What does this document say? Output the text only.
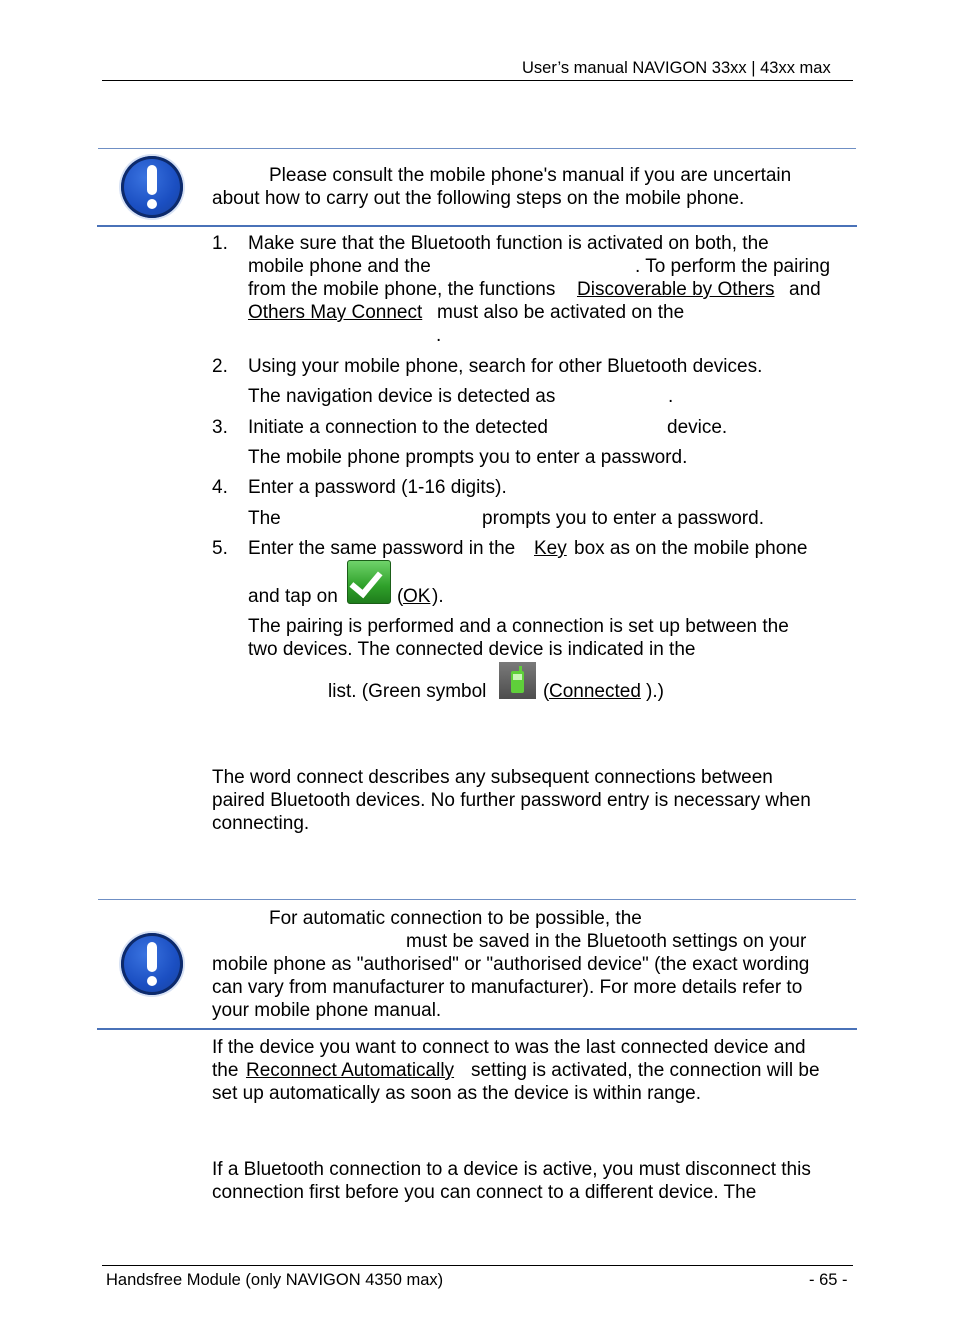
User’s manual NAVIGON 33xx | 43xx max
Please consult the mobile phone's manual if you are uncertain
about how to carry out the following steps on the mobile phone.
1. Make sure that the Bluetooth function is activated on both, the
mobile phone and the	. To perform the pairing
from the mobile phone, the functions Discoverable by Others and
Others May Connect must also be activated on the
.
2. Using your mobile phone, search for other Bluetooth devices.
The navigation device is detected as	.
3. Initiate a connection to the detected	device.
The mobile phone prompts you to enter a password.
4. Enter a password (1-16 digits).
The	prompts you to enter a password.
5. Enter the same password in the Key box as on the mobile phone
and tap on	( OK ).
The pairing is performed and a connection is set up between the
two devices. The connected device is indicated in the
list. (Green symbol	( Connected ).)
The word connect describes any subsequent connections between
paired Bluetooth devices. No further password entry is necessary when
connecting.
For automatic connection to be possible, the
must be saved in the Bluetooth settings on your
mobile phone as "authorised" or "authorised device" (the exact wording
can vary from manufacturer to manufacturer). For more details refer to
your mobile phone manual.
If the device you want to connect to was the last connected device and
the Reconnect Automatically setting is activated, the connection will be
set up automatically as soon as the device is within range.
If a Bluetooth connection to a device is active, you must disconnect this
connection first before you can connect to a different device. The
Handsfree Module (only NAVIGON 4350 max)	- 65 -
